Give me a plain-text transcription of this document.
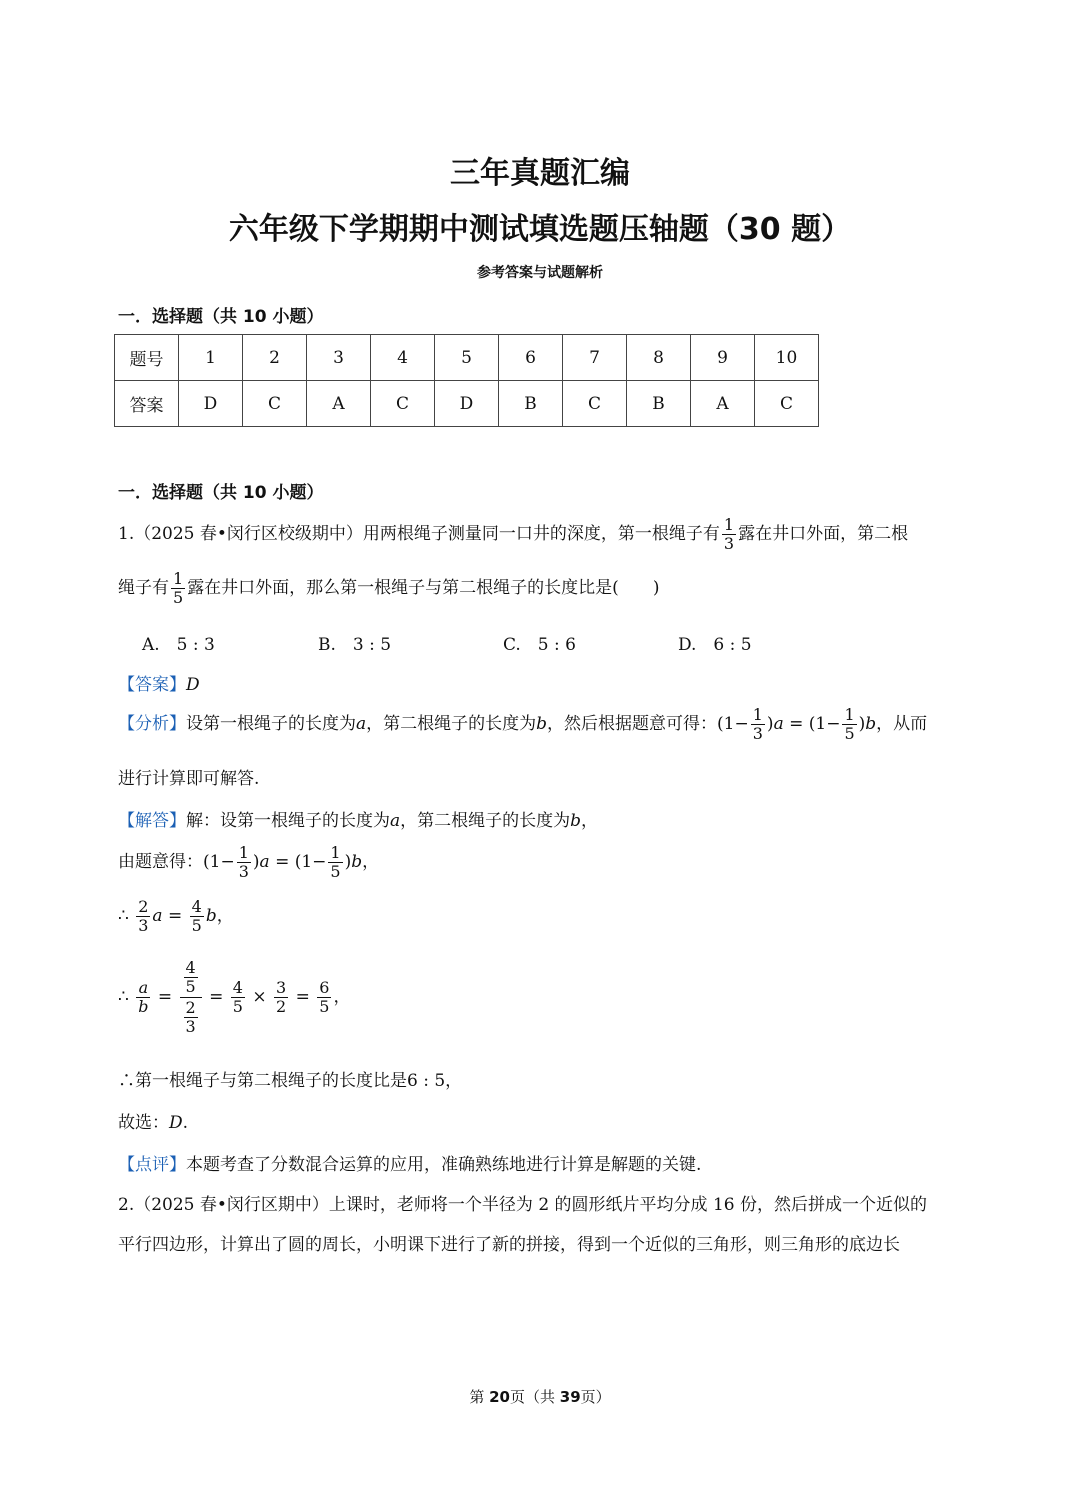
三年真题汇编
六年级下学期期中测试填选题压轴题（30 题）
参考答案与试题解析
一．选择题（共 10 小题）
题号	1	2	3	4	5	6	7	8	9	10
答案	D	C	A	C	D	B	C	B	A	C
一．选择题（共 10 小题）
1.（2025 春•闵行区校级期中）用两根绳子测量同一口井的深度，第一根绳子有 $\frac{1}{3}$ 露在井口外面，第二根
绳子有 $\frac{1}{5}$ 露在井口外面，那么第一根绳子与第二根绳子的长度比是(　　)
A.　5 : 3	B.　3 : 5	C.　5 : 6	D.　6 : 5
【答案】D
【分析】设第一根绳子的长度为a，第二根绳子的长度为b，然后根据题意可得：$(1- \frac{1}{3} )a = (1- \frac{1}{5} )b$，从而
进行计算即可解答.
【解答】解：设第一根绳子的长度为a，第二根绳子的长度为b，
由题意得：$(1- \frac{1}{3} )a = (1- \frac{1}{5} )b$，
∴ $\frac{2}{3}$ $a = \frac{4}{5}$ b，
∴ $\frac{a}{b} = \frac{\frac{4}{5}}{\frac{2}{3}} = \frac{4}{5} \times \frac{3}{2} = \frac{6}{5}$ ，
∴第一根绳子与第二根绳子的长度比是6 : 5，
故选：D.
【点评】本题考查了分数混合运算的应用，准确熟练地进行计算是解题的关键.
2.（2025 春•闵行区期中）上课时，老师将一个半径为 2 的圆形纸片平均分成 16 份，然后拼成一个近似的
平行四边形，计算出了圆的周长，小明课下进行了新的拼接，得到一个近似的三角形，则三角形的底边长
第 20页（共 39页）
